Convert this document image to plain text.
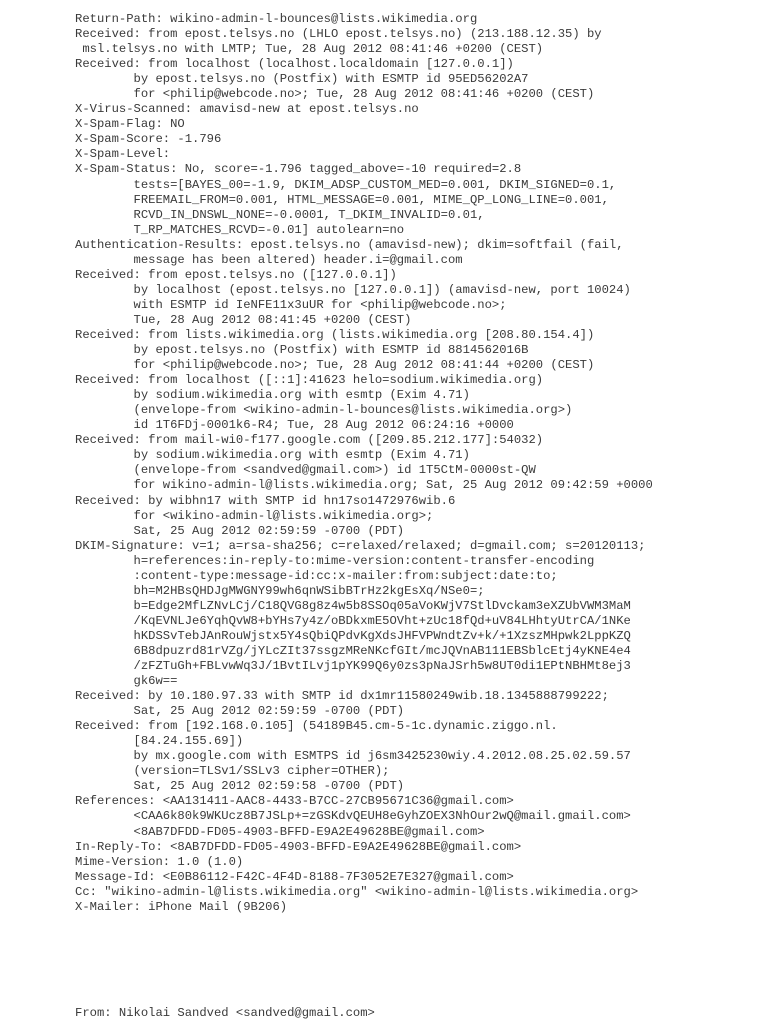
Return-Path: wikino-admin-l-bounces@lists.wikimedia.org
Received: from epost.telsys.no (LHLO epost.telsys.no) (213.188.12.35) by
msl.telsys.no with LMTP; Tue, 28 Aug 2012 08:41:46 +0200 (CEST)
Received: from localhost (localhost.localdomain [127.0.0.1])
by epost.telsys.no (Postfix) with ESMTP id 95ED56202A7
for <philip@webcode.no>; Tue, 28 Aug 2012 08:41:46 +0200 (CEST)
X-Virus-Scanned: amavisd-new at epost.telsys.no
X-Spam-Flag: NO
X-Spam-Score: -1.796
X-Spam-Level:
X-Spam-Status: No, score=-1.796 tagged_above=-10 required=2.8
tests=[BAYES_00=-1.9, DKIM_ADSP_CUSTOM_MED=0.001, DKIM_SIGNED=0.1,
FREEMAIL_FROM=0.001, HTML_MESSAGE=0.001, MIME_QP_LONG_LINE=0.001,
RCVD_IN_DNSWL_NONE=-0.0001, T_DKIM_INVALID=0.01,
T_RP_MATCHES_RCVD=-0.01] autolearn=no
Authentication-Results: epost.telsys.no (amavisd-new); dkim=softfail (fail,
message has been altered) header.i=@gmail.com
Received: from epost.telsys.no ([127.0.0.1])
by localhost (epost.telsys.no [127.0.0.1]) (amavisd-new, port 10024)
with ESMTP id IeNFE11x3uUR for <philip@webcode.no>;
Tue, 28 Aug 2012 08:41:45 +0200 (CEST)
Received: from lists.wikimedia.org (lists.wikimedia.org [208.80.154.4])
by epost.telsys.no (Postfix) with ESMTP id 8814562016B
for <philip@webcode.no>; Tue, 28 Aug 2012 08:41:44 +0200 (CEST)
Received: from localhost ([::1]:41623 helo=sodium.wikimedia.org)
by sodium.wikimedia.org with esmtp (Exim 4.71)
(envelope-from <wikino-admin-l-bounces@lists.wikimedia.org>)
id 1T6FDj-0001k6-R4; Tue, 28 Aug 2012 06:24:16 +0000
Received: from mail-wi0-f177.google.com ([209.85.212.177]:54032)
by sodium.wikimedia.org with esmtp (Exim 4.71)
(envelope-from <sandved@gmail.com>) id 1T5CtM-0000st-QW
for wikino-admin-l@lists.wikimedia.org; Sat, 25 Aug 2012 09:42:59 +0000
Received: by wibhn17 with SMTP id hn17so1472976wib.6
for <wikino-admin-l@lists.wikimedia.org>;
Sat, 25 Aug 2012 02:59:59 -0700 (PDT)
DKIM-Signature: v=1; a=rsa-sha256; c=relaxed/relaxed; d=gmail.com; s=20120113;
h=references:in-reply-to:mime-version:content-transfer-encoding
:content-type:message-id:cc:x-mailer:from:subject:date:to;
bh=M2HBsQHDJgMWGNY99wh6qnWSibBTrHz2kgEsXq/NSe0=;
b=Edge2MfLZNvLCj/C18QVG8g8z4w5b8SSOq05aVoKWjV7StlDvckam3eXZUbVWM3MaM
/KqEVNLJe6YqhQvW8+bYHs7y4z/oBDkxmE5OVht+zUc18fQd+uV84LHhtyUtrCA/1NKe
hKDSSvTebJAnRouWjstx5Y4sQbiQPdvKgXdsJHFVPWndtZv+k/+1XzszMHpwk2LppKZQ
6B8dpuzrd81rVZg/jYLcZIt37ssgzMReNKcfGIt/mcJQVnAB111EBSblcEtj4yKNE4e4
/zFZTuGh+FBLvwWq3J/1BvtILvj1pYK99Q6y0zs3pNaJSrh5w8UT0di1EPtNBHMt8ej3
gk6w==
Received: by 10.180.97.33 with SMTP id dx1mr11580249wib.18.1345888799222;
Sat, 25 Aug 2012 02:59:59 -0700 (PDT)
Received: from [192.168.0.105] (54189B45.cm-5-1c.dynamic.ziggo.nl.
[84.24.155.69])
by mx.google.com with ESMTPS id j6sm3425230wiy.4.2012.08.25.02.59.57
(version=TLSv1/SSLv3 cipher=OTHER);
Sat, 25 Aug 2012 02:59:58 -0700 (PDT)
References: <AA131411-AAC8-4433-B7CC-27CB95671C36@gmail.com>
<CAA6k80k9WKUcz8B7JSLp+=zGSKdvQEUH8eGyhZOEX3NhOur2wQ@mail.gmail.com>
<8AB7DFDD-FD05-4903-BFFD-E9A2E49628BE@gmail.com>
In-Reply-To: <8AB7DFDD-FD05-4903-BFFD-E9A2E49628BE@gmail.com>
Mime-Version: 1.0 (1.0)
Message-Id: <E0B86112-F42C-4F4D-8188-7F3052E7E327@gmail.com>
Cc: "wikino-admin-l@lists.wikimedia.org" <wikino-admin-l@lists.wikimedia.org>
X-Mailer: iPhone Mail (9B206)
From: Nikolai Sandved <sandved@gmail.com>
